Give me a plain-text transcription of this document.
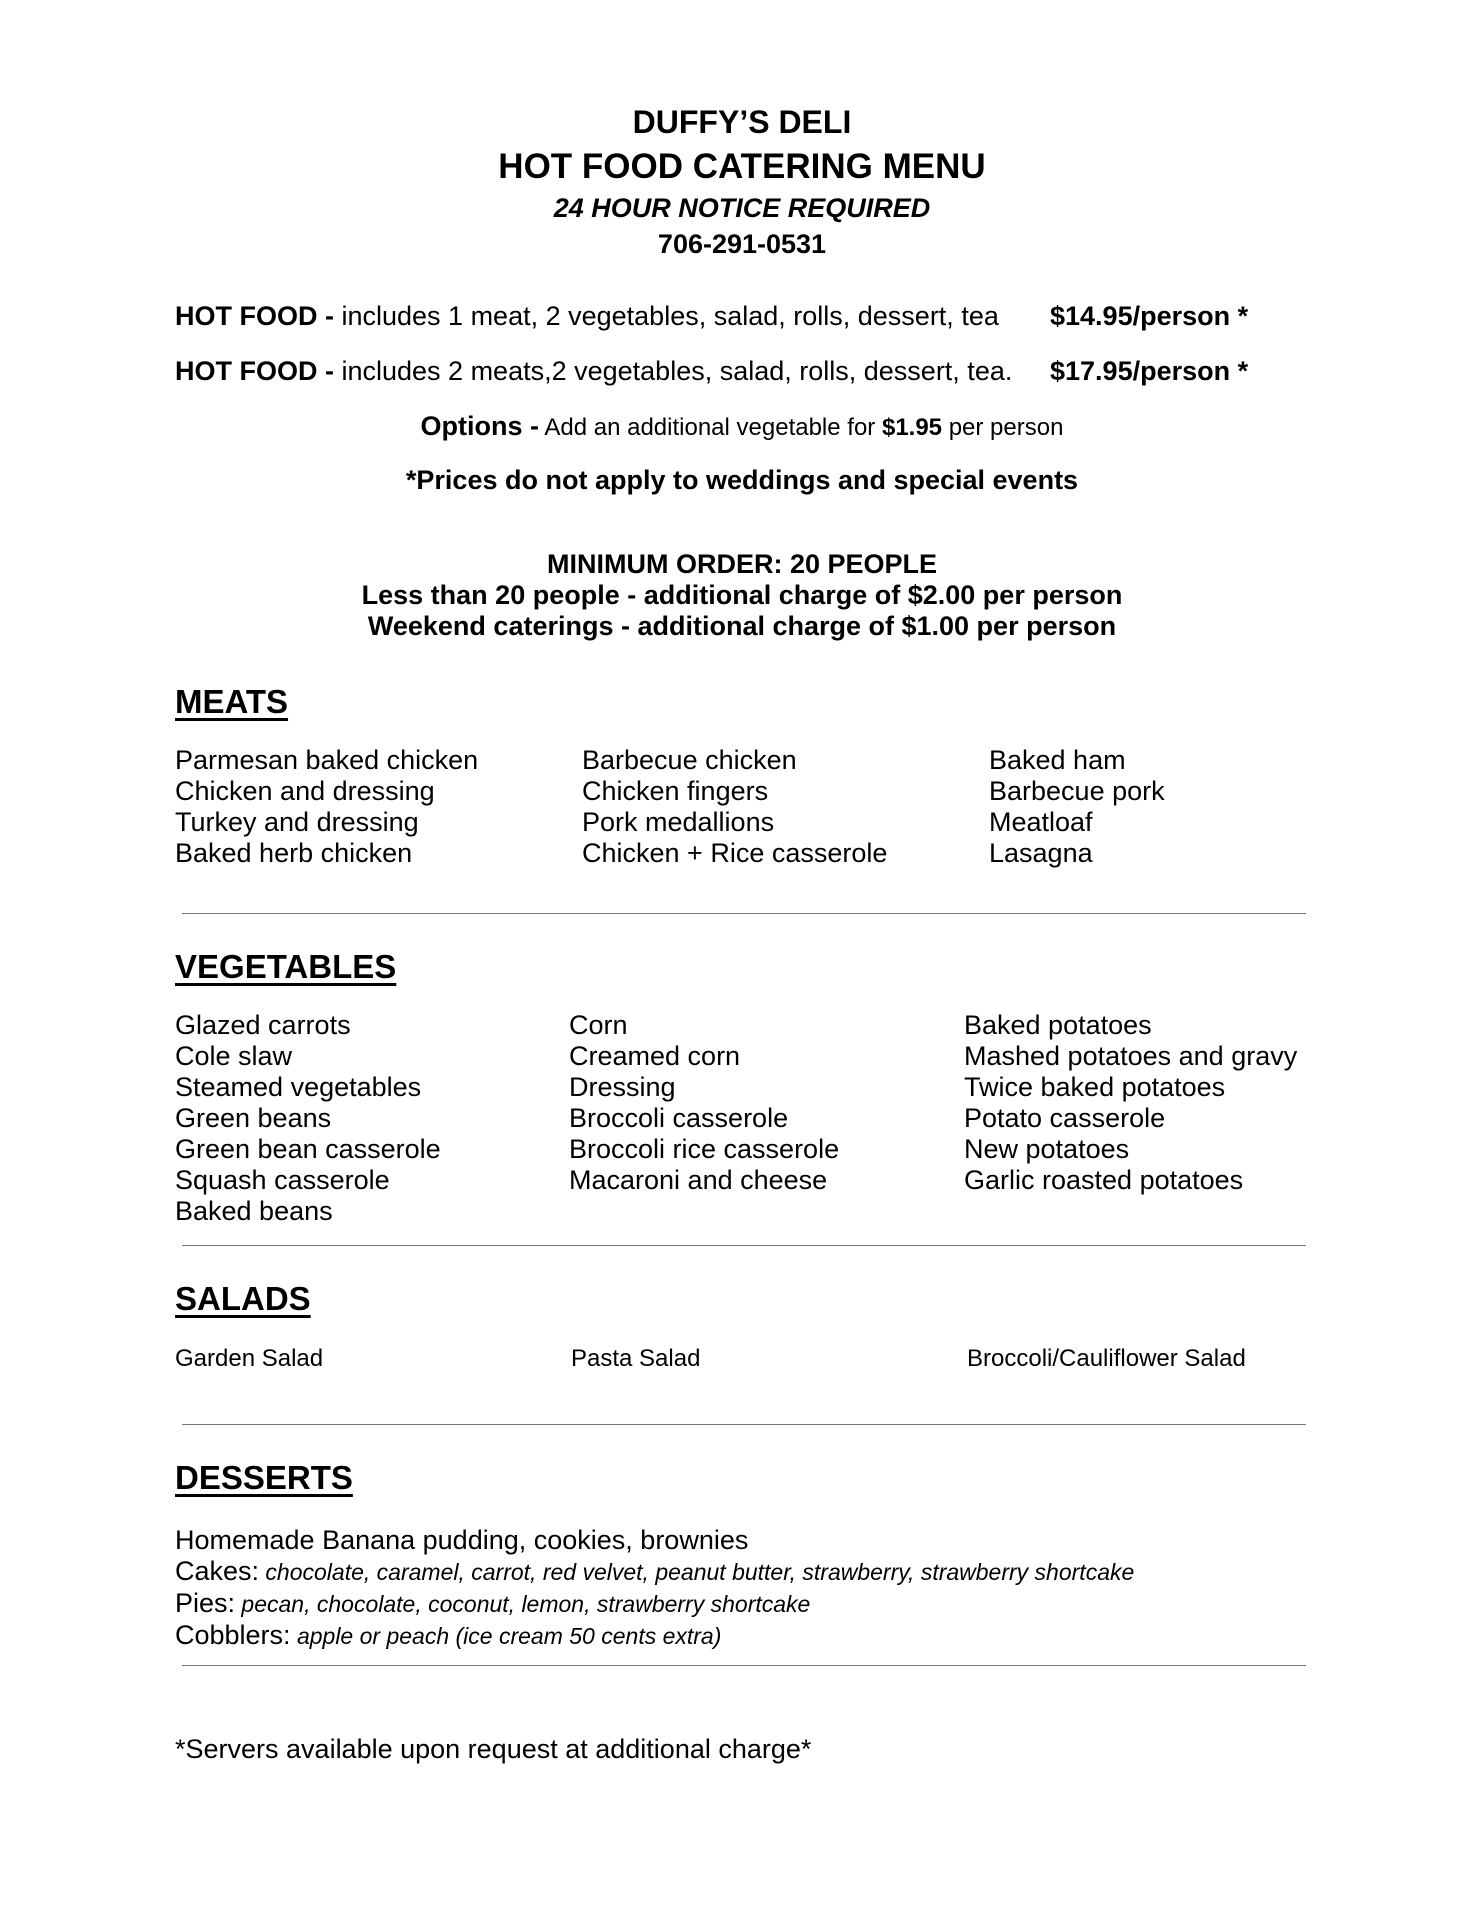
DUFFY’S DELI
HOT FOOD CATERING MENU
24 HOUR NOTICE REQUIRED
706-291-0531
HOT FOOD - includes 1 meat, 2 vegetables, salad, rolls, dessert, tea $14.95/person *
HOT FOOD - includes 2 meats,2 vegetables, salad, rolls, dessert, tea. $17.95/person *
Options - Add an additional vegetable for $1.95 per person
*Prices do not apply to weddings and special events
MINIMUM ORDER: 20 PEOPLE
Less than 20 people - additional charge of $2.00 per person
Weekend caterings - additional charge of $1.00 per person
MEATS
Parmesan baked chicken
Chicken and dressing
Turkey and dressing
Baked herb chicken
Barbecue chicken
Chicken fingers
Pork medallions
Chicken + Rice casserole
Baked ham
Barbecue pork
Meatloaf
Lasagna
VEGETABLES
Glazed carrots
Cole slaw
Steamed vegetables
Green beans
Green bean casserole
Squash casserole
Baked beans
Corn
Creamed corn
Dressing
Broccoli casserole
Broccoli rice casserole
Macaroni and cheese
Baked potatoes
Mashed potatoes and gravy
Twice baked potatoes
Potato casserole
New potatoes
Garlic roasted potatoes
SALADS
Garden Salad	Pasta Salad	Broccoli/Cauliflower Salad
DESSERTS
Homemade Banana pudding, cookies, brownies
Cakes: chocolate, caramel, carrot, red velvet, peanut butter, strawberry, strawberry shortcake
Pies: pecan, chocolate, coconut, lemon, strawberry shortcake
Cobblers: apple or peach (ice cream 50 cents extra)
*Servers available upon request at additional charge*
